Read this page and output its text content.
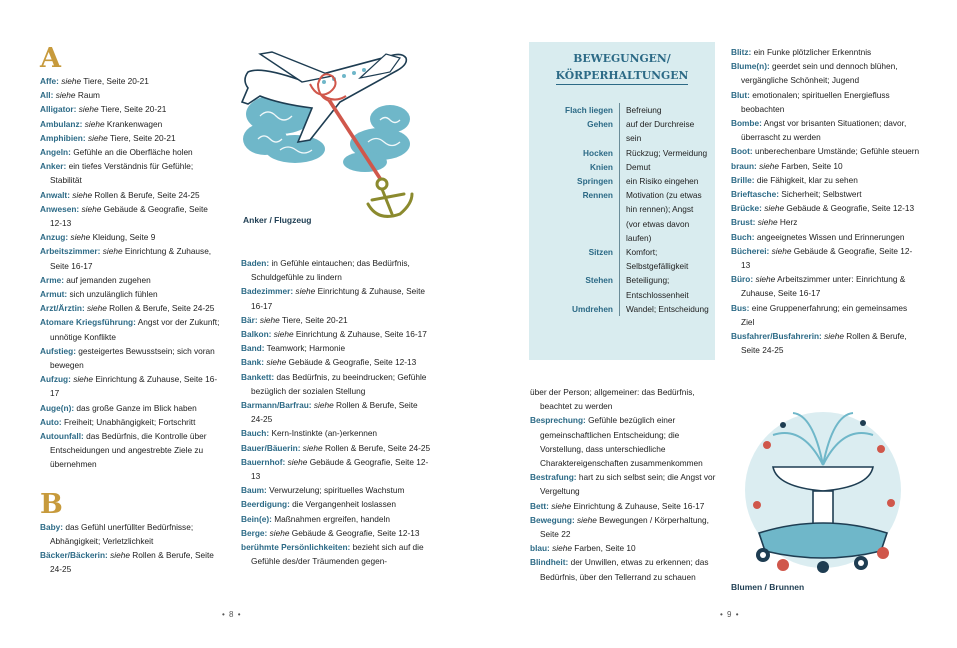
A
Affe: siehe Tiere, Seite 20-21
All: siehe Raum
Alligator: siehe Tiere, Seite 20-21
Ambulanz: siehe Krankenwagen
Amphibien: siehe Tiere, Seite 20-21
Angeln: Gefühle an die Oberfläche holen
Anker: ein tiefes Verständnis für Gefühle; Stabilität
Anwalt: siehe Rollen & Berufe, Seite 24-25
Anwesen: siehe Gebäude & Geografie, Seite 12-13
Anzug: siehe Kleidung, Seite 9
Arbeitszimmer: siehe Einrichtung & Zuhause, Seite 16-17
Arme: auf jemanden zugehen
Armut: sich unzulänglich fühlen
Arzt/Ärztin: siehe Rollen & Berufe, Seite 24-25
Atomare Kriegsführung: Angst vor der Zukunft; unnötige Konflikte
Aufstieg: gesteigertes Bewusstsein; sich voran bewegen
Aufzug: siehe Einrichtung & Zuhause, Seite 16-17
Auge(n): das große Ganze im Blick haben
Auto: Freiheit; Unabhängigkeit; Fortschritt
Autounfall: das Bedürfnis, die Kontrolle über Entscheidungen und angestrebte Ziele zu übernehmen
B
Baby: das Gefühl unerfüllter Bedürfnisse; Abhängigkeit; Verletzlichkeit
Bäcker/Bäckerin: siehe Rollen & Berufe, Seite 24-25
Anker / Flugzeug
Baden: in Gefühle eintauchen; das Bedürfnis, Schuldgefühle zu lindern
Badezimmer: siehe Einrichtung & Zuhause, Seite 16-17
Bär: siehe Tiere, Seite 20-21
Balkon: siehe Einrichtung & Zuhause, Seite 16-17
Band: Teamwork; Harmonie
Bank: siehe Gebäude & Geografie, Seite 12-13
Bankett: das Bedürfnis, zu beeindrucken; Gefühle bezüglich der sozialen Stellung
Barmann/Barfrau: siehe Rollen & Berufe, Seite 24-25
Bauch: Kern-Instinkte (an-)erkennen
Bauer/Bäuerin: siehe Rollen & Berufe, Seite 24-25
Bauernhof: siehe Gebäude & Geografie, Seite 12-13
Baum: Verwurzelung; spirituelles Wachstum
Beerdigung: die Vergangenheit loslassen
Bein(e): Maßnahmen ergreifen, handeln
Berge: siehe Gebäude & Geografie, Seite 12-13
berühmte Persönlichkeiten: bezieht sich auf die Gefühle des/der Träumenden gegen-
• 8 •
BEWEGUNGEN/
KÖRPERHALTUNGEN
Flach liegen	Befreiung
Gehen	auf der Durchreise sein
Hocken	Rückzug; Vermeidung
Knien	Demut
Springen	ein Risiko eingehen
Rennen	Motivation (zu etwas hin rennen); Angst (vor etwas davon laufen)
Sitzen	Komfort; Selbstgefälligkeit
Stehen	Beteiligung; Entschlossenheit
Umdrehen	Wandel; Entscheidung
über der Person; allgemeiner: das Bedürfnis, beachtet zu werden
Besprechung: Gefühle bezüglich einer gemeinschaftlichen Entscheidung; die Vorstellung, dass unterschiedliche Charaktereigenschaften zusammenkommen
Bestrafung: hart zu sich selbst sein; die Angst vor Vergeltung
Bett: siehe Einrichtung & Zuhause, Seite 16-17
Bewegung: siehe Bewegungen / Körperhaltung, Seite 22
blau: siehe Farben, Seite 10
Blindheit: der Unwillen, etwas zu erkennen; das Bedürfnis, über den Tellerrand zu schauen
Blitz: ein Funke plötzlicher Erkenntnis
Blume(n): geerdet sein und dennoch blühen, vergängliche Schönheit; Jugend
Blut: emotionalen; spirituellen Energiefluss beobachten
Bombe: Angst vor brisanten Situationen; davor, überrascht zu werden
Boot: unberechenbare Umstände; Gefühle steuern
braun: siehe Farben, Seite 10
Brille: die Fähigkeit, klar zu sehen
Brieftasche: Sicherheit; Selbstwert
Brücke: siehe Gebäude & Geografie, Seite 12-13
Brust: siehe Herz
Buch: angeeignetes Wissen und Erinnerungen
Bücherei: siehe Gebäude & Geografie, Seite 12-13
Büro: siehe Arbeitszimmer unter: Einrichtung & Zuhause, Seite 16-17
Bus: eine Gruppenerfahrung; ein gemeinsames Ziel
Busfahrer/Busfahrerin: siehe Rollen & Berufe, Seite 24-25
Blumen / Brunnen
• 9 •
